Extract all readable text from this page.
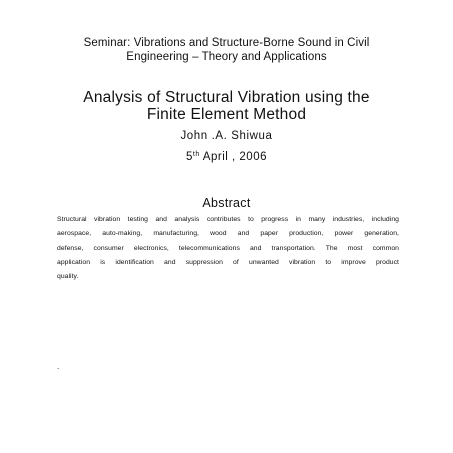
Seminar: Vibrations and Structure-Borne Sound in Civil
Engineering – Theory and Applications
Analysis of Structural Vibration using the
Finite Element Method
John .A. Shiwua
5th April , 2006
Abstract
Structural vibration testing and analysis contributes to progress in many industries, including
aerospace, auto-making, manufacturing, wood and paper production, power generation,
defense, consumer electronics, telecommunications and transportation. The most common
application is identification and suppression of unwanted vibration to improve product
quality.
.
